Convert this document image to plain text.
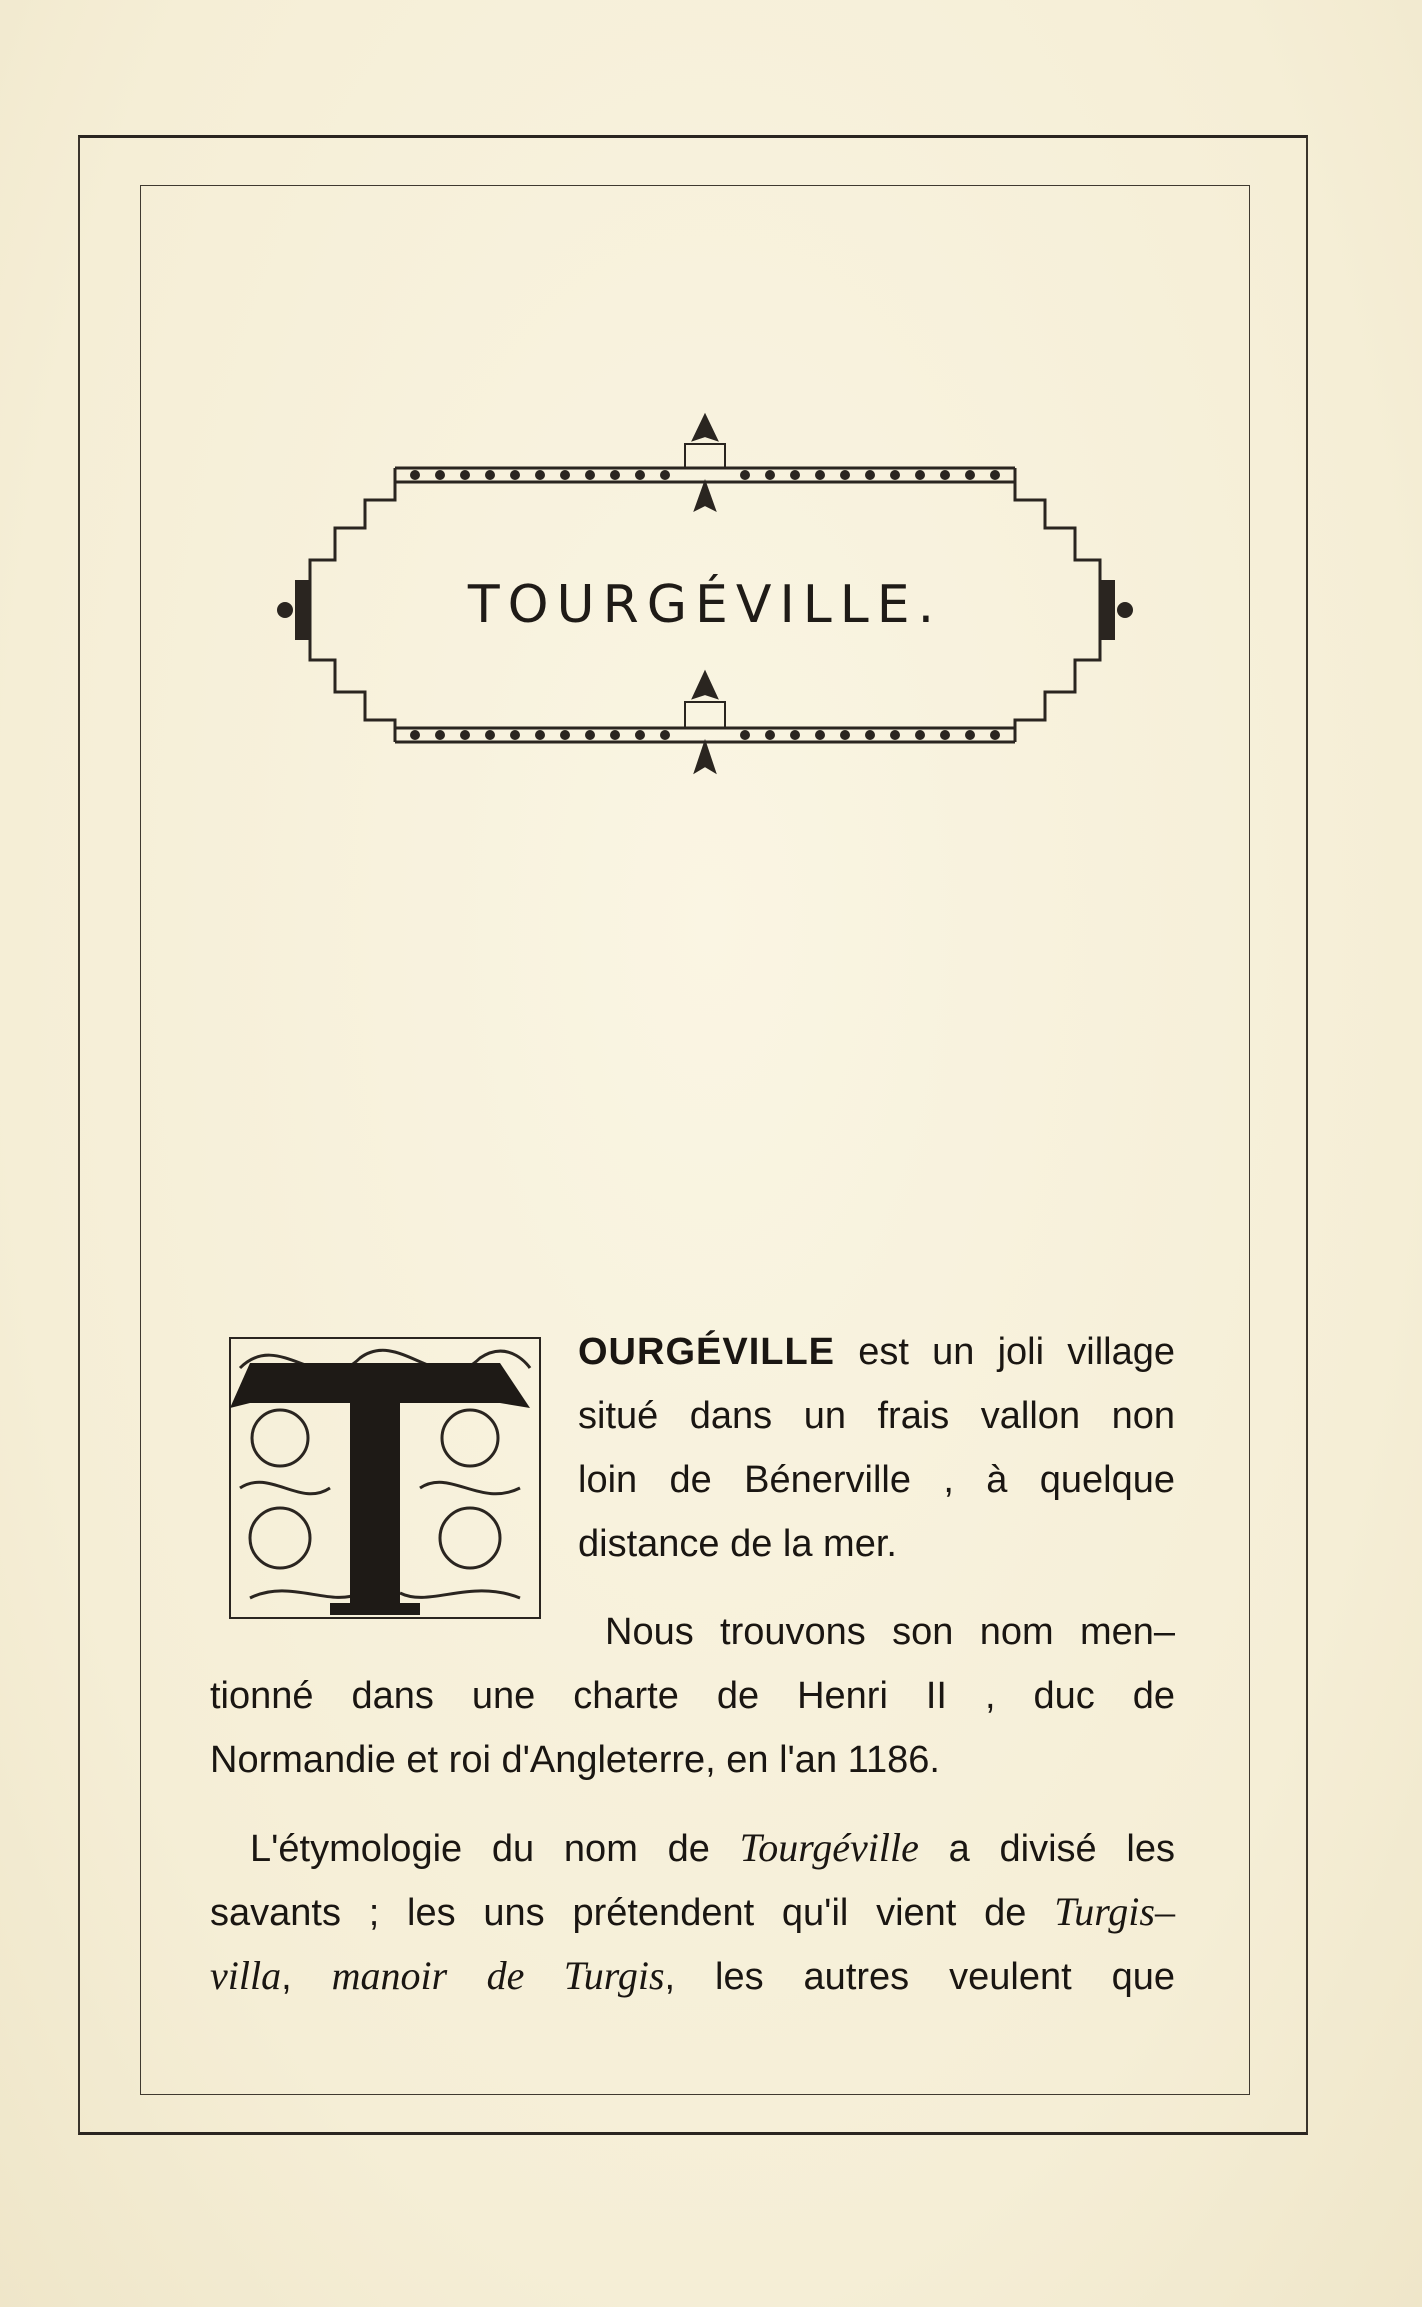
TOURGÉVILLE.
T
OURGÉVILLE est un joli village
situé dans un frais vallon non
loin de Bénerville , à quelque
distance de la mer.
Nous trouvons son nom men–
tionné dans une charte de Henri II , duc de
Normandie et roi d'Angleterre, en l'an 1186.
L'étymologie du nom de Tourgéville a divisé les
savants ; les uns prétendent qu'il vient de Turgis–
villa, manoir de Turgis, les autres veulent que
